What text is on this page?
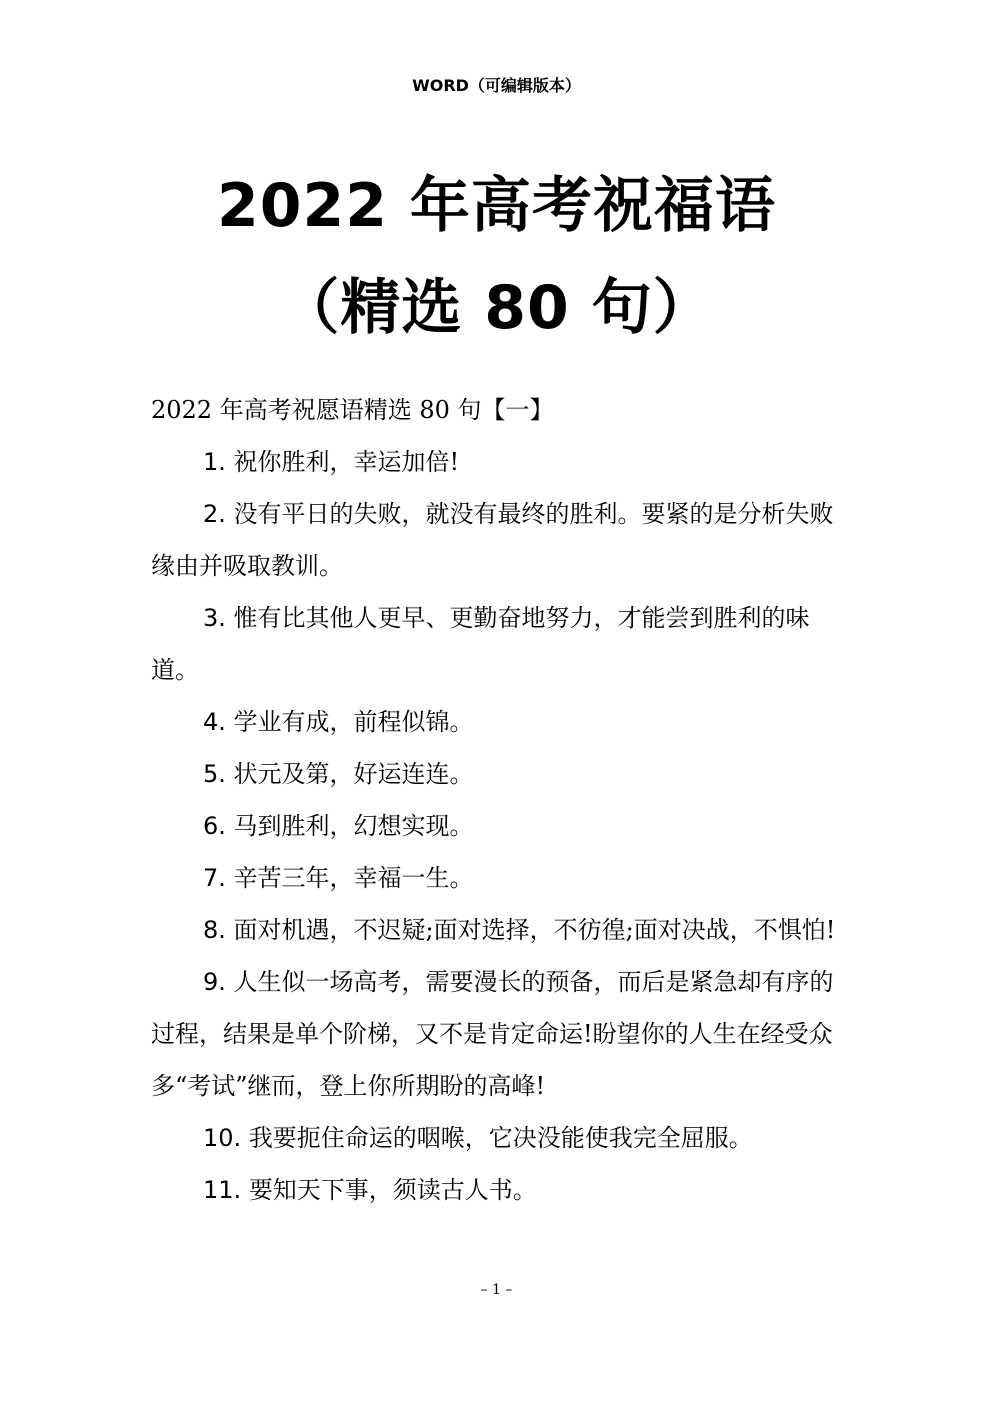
WORD（可编辑版本）
2022 年高考祝福语
（精选 80 句）

2022 年高考祝愿语精选 80 句【一】

1. 祝你胜利，幸运加倍!

2. 没有平日的失败，就没有最终的胜利。要紧的是分析失败缘由并吸取教训。

3. 惟有比其他人更早、更勤奋地努力，才能尝到胜利的味道。

4. 学业有成，前程似锦。

5. 状元及第，好运连连。

6. 马到胜利，幻想实现。

7. 辛苦三年，幸福一生。

8. 面对机遇，不迟疑;面对选择，不彷徨;面对决战，不惧怕!

9. 人生似一场高考，需要漫长的预备，而后是紧急却有序的过程，结果是单个阶梯，又不是肯定命运!盼望你的人生在经受众多“考试”继而，登上你所期盼的高峰!

10. 我要扼住命运的咽喉，它决没能使我完全屈服。

11. 要知天下事，须读古人书。

– 1 –
